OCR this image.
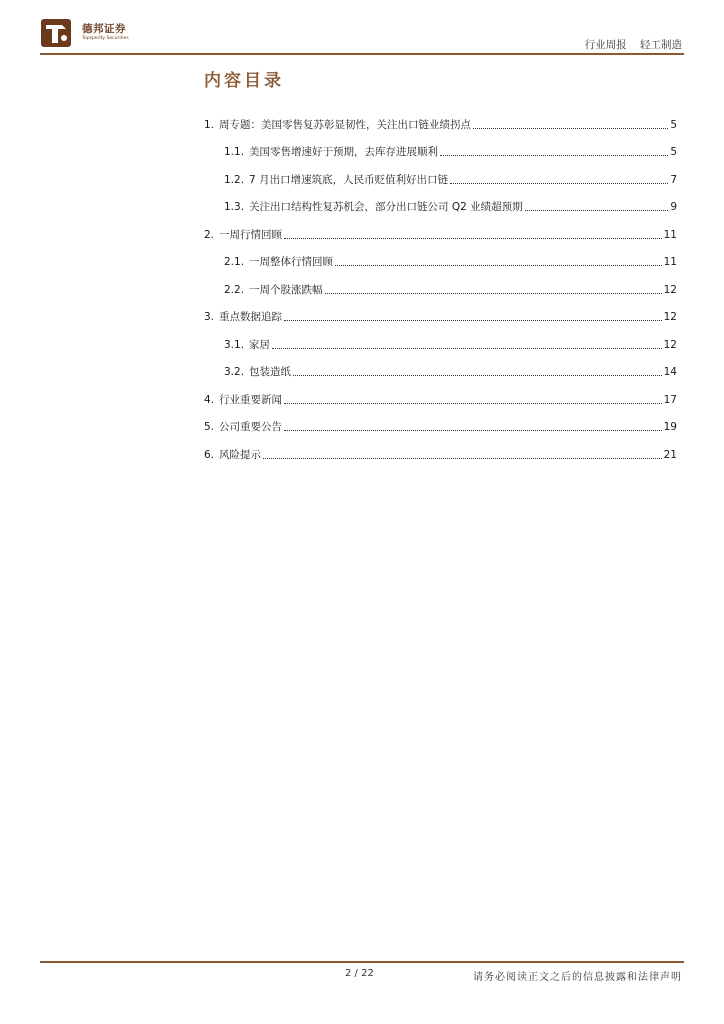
德邦证券
Topsperity Securities
行业周报 轻工制造
内容目录
1. 周专题：美国零售复苏彰显韧性，关注出口链业绩拐点	5
1.1. 美国零售增速好于预期，去库存进展顺利	5
1.2. 7 月出口增速筑底，人民币贬值利好出口链	7
1.3. 关注出口结构性复苏机会，部分出口链公司 Q2 业绩超预期	9
2. 一周行情回顾	11
2.1. 一周整体行情回顾	11
2.2. 一周个股涨跌幅	12
3. 重点数据追踪	12
3.1. 家居	12
3.2. 包装造纸	14
4. 行业重要新闻	17
5. 公司重要公告	19
6. 风险提示	21
2 / 22	请务必阅读正文之后的信息披露和法律声明
